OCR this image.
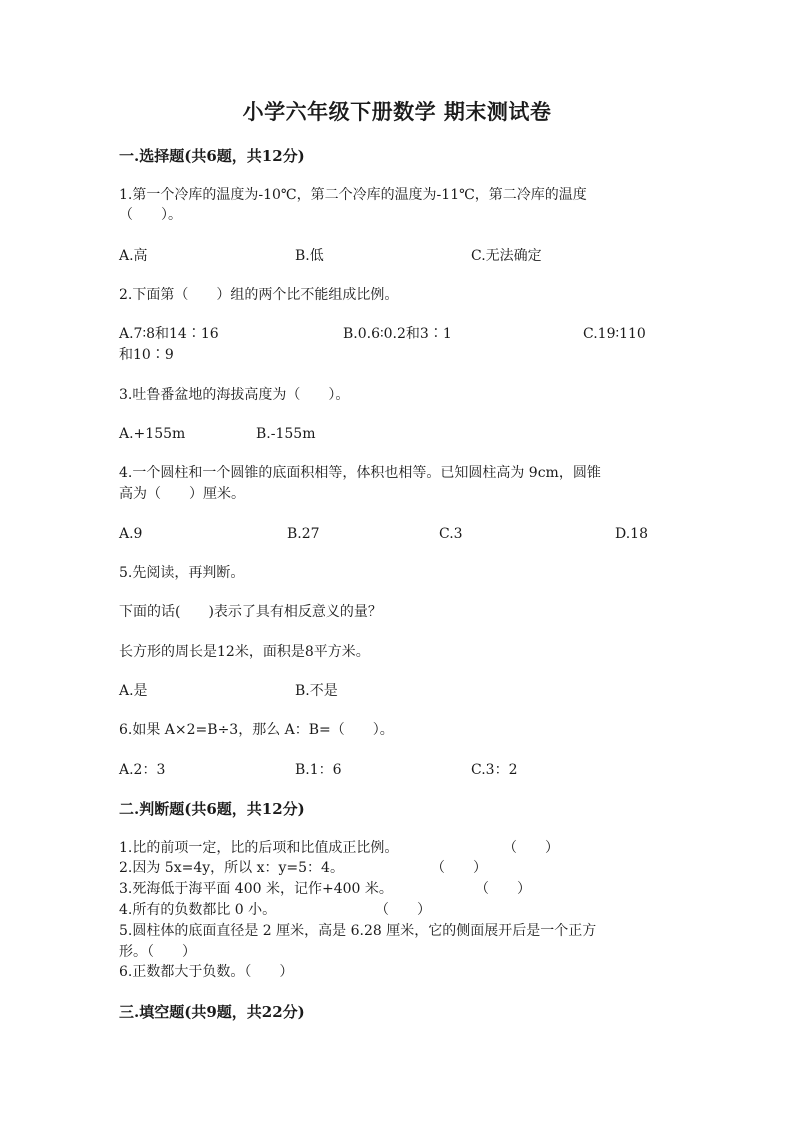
小学六年级下册数学 期末测试卷
一.选择题(共6题，共12分)
1.第一个冷库的温度为-10℃，第二个冷库的温度为-11℃，第二冷库的温度
（　　）。
A.高	B.低	C.无法确定
2.下面第（　　）组的两个比不能组成比例。
A.7∶8和14∶16	B.0.6∶0.2和3∶1	C.19∶110
和10∶9
3.吐鲁番盆地的海拔高度为（　　）。
A.+155m	B.-155m
4.一个圆柱和一个圆锥的底面积相等，体积也相等。已知圆柱高为 9cm，圆锥
高为（　　）厘米。
A.9	B.27	C.3	D.18
5.先阅读，再判断。
下面的话(　　)表示了具有相反意义的量？
长方形的周长是12米，面积是8平方米。
A.是	B.不是
6.如果 A×2=B÷3，那么 A：B=（　　）。
A.2：3	B.1：6	C.3：2
二.判断题(共6题，共12分)
1.比的前项一定，比的后项和比值成正比例。	（　　）
2.因为 5x=4y，所以 x：y=5：4。	（　　）
3.死海低于海平面 400 米，记作+400 米。	（　　）
4.所有的负数都比 0 小。	（　　）
5.圆柱体的底面直径是 2 厘米，高是 6.28 厘米，它的侧面展开后是一个正方
形。（　　）
6.正数都大于负数。（　　）
三.填空题(共9题，共22分)
